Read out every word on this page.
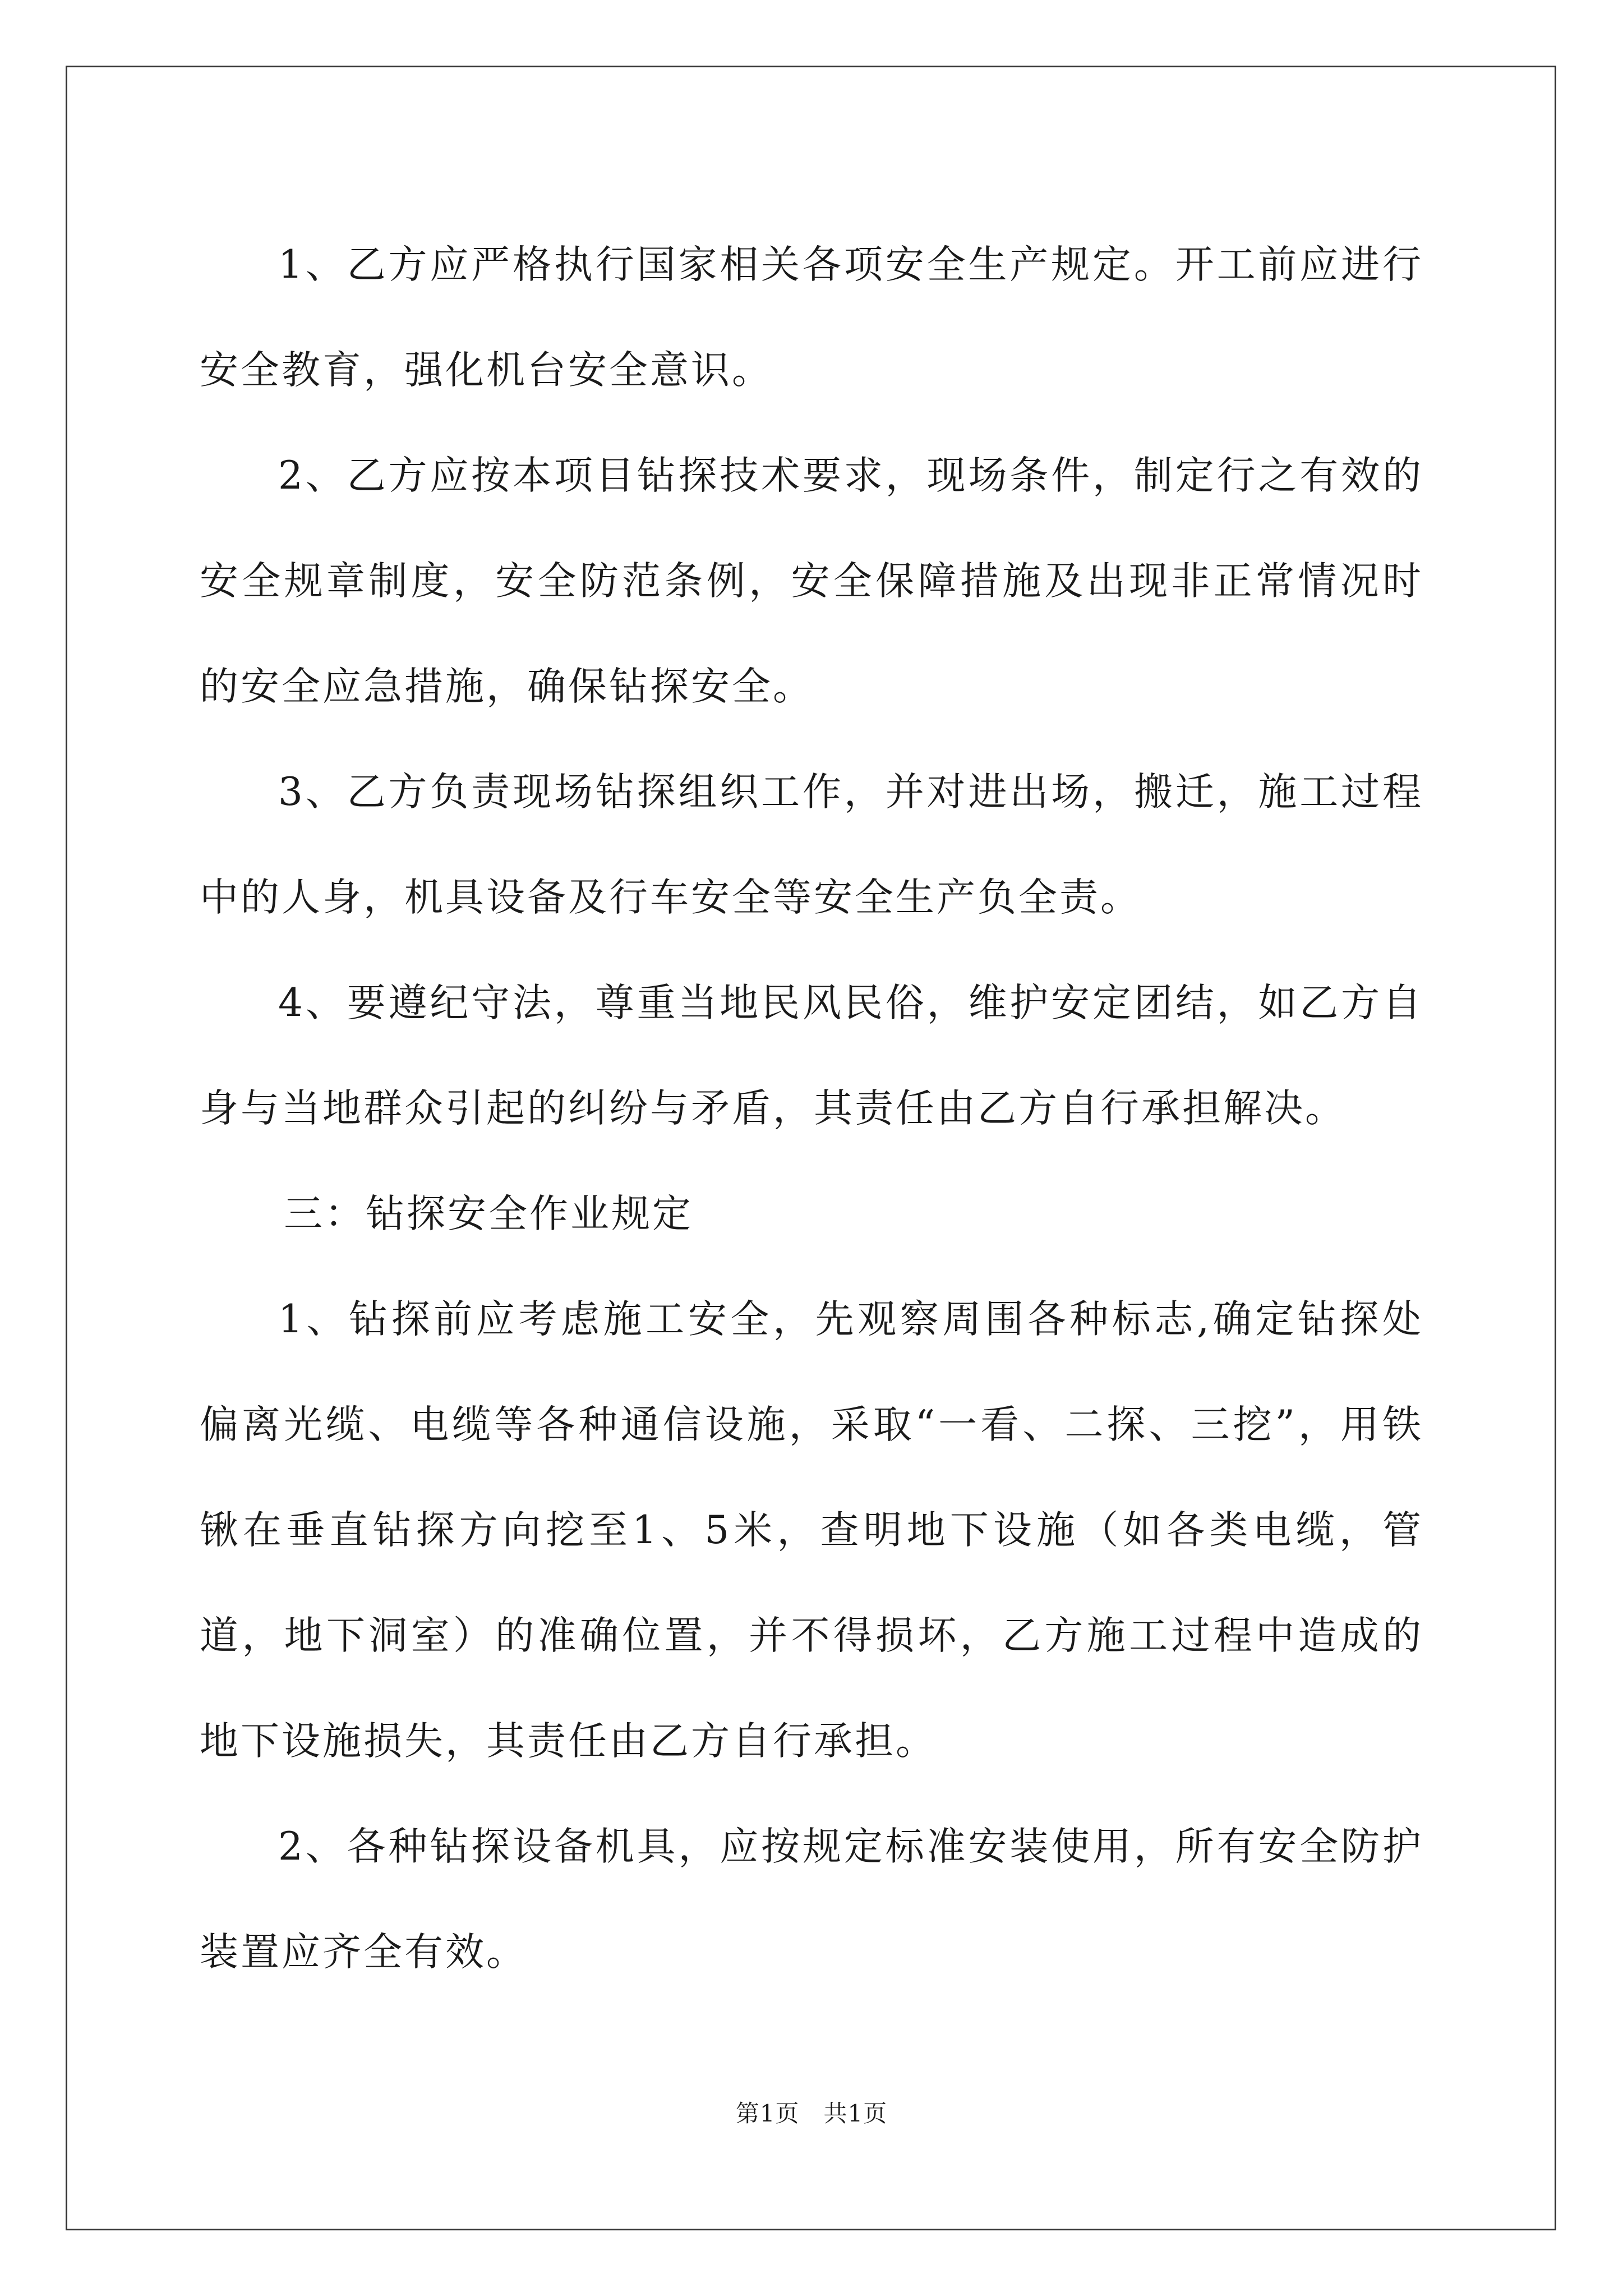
1、乙方应严格执行国家相关各项安全生产规定。开工前应进行安全教育，强化机台安全意识。

2、乙方应按本项目钻探技术要求，现场条件，制定行之有效的安全规章制度，安全防范条例，安全保障措施及出现非正常情况时的安全应急措施，确保钻探安全。

3、乙方负责现场钻探组织工作，并对进出场，搬迁，施工过程中的人身，机具设备及行车安全等安全生产负全责。

4、要遵纪守法，尊重当地民风民俗，维护安定团结，如乙方自身与当地群众引起的纠纷与矛盾，其责任由乙方自行承担解决。

三：钻探安全作业规定

1、钻探前应考虑施工安全，先观察周围各种标志,确定钻探处偏离光缆、电缆等各种通信设施，采取“一看、二探、三挖”，用铁锹在垂直钻探方向挖至1、5米，查明地下设施（如各类电缆，管道，地下洞室）的准确位置，并不得损坏，乙方施工过程中造成的地下设施损失，其责任由乙方自行承担。

2、各种钻探设备机具，应按规定标准安装使用，所有安全防护装置应齐全有效。

第1页 共1页
